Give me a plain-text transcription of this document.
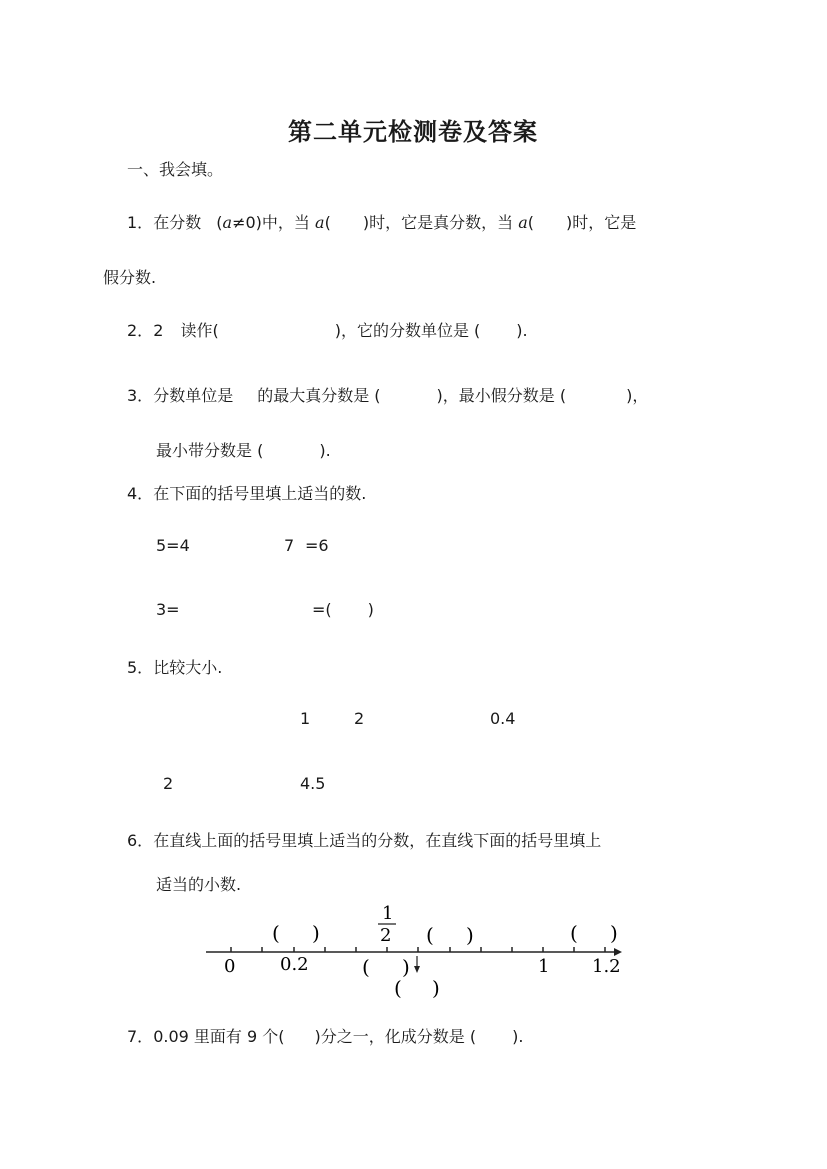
第二单元检测卷及答案
一、我会填。
1．在分数 (a≠0)中，当 a(　　)时，它是真分数，当 a(　　)时，它是
假分数.
2．2 读作(	)，它的分数单位是 ( ).
3．分数单位是 的最大真分数是 (	)，最小假分数是 (	)，
最小带分数是 (	).
4．在下面的括号里填上适当的数.
5=4	7 =6
3=	=( )
5．比较大小.
1	2	0.4
2	4.5
6．在直线上面的括号里填上适当的分数，在直线下面的括号里填上
适当的小数.
0 0.2	1 1.2
1
2
( )	( )	( )
( )
( )
7．0.09 里面有 9 个( )分之一，化成分数是 ( ).
